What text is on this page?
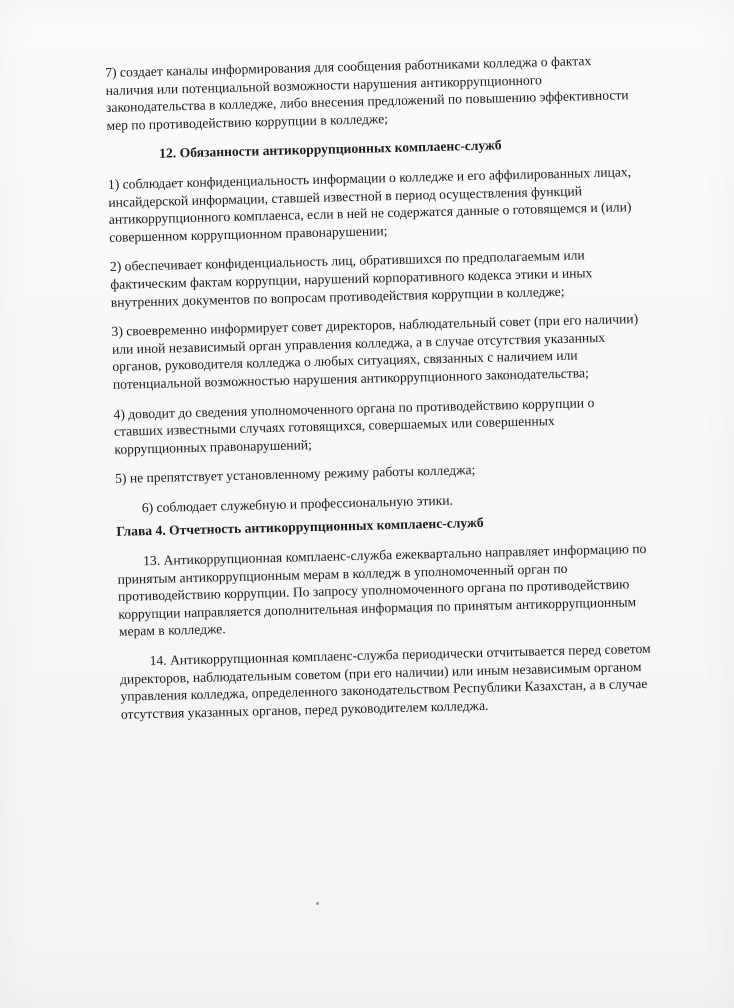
7) создает каналы информирования для сообщения работниками колледжа о фактах
наличия или потенциальной возможности нарушения антикоррупционного
законодательства в колледже, либо внесения предложений по повышению эффективности
мер по противодействию коррупции в колледже;

12. Обязанности антикоррупционных комплаенс-служб

1) соблюдает конфиденциальность информации о колледже и его аффилированных лицах,
инсайдерской информации, ставшей известной в период осуществления функций
антикоррупционного комплаенса, если в ней не содержатся данные о готовящемся и (или)
совершенном коррупционном правонарушении;

2) обеспечивает конфиденциальность лиц, обратившихся по предполагаемым или
фактическим фактам коррупции, нарушений корпоративного кодекса этики и иных
внутренних документов по вопросам противодействия коррупции в колледже;

3) своевременно информирует совет директоров, наблюдательный совет (при его наличии)
или иной независимый орган управления колледжа, а в случае отсутствия указанных
органов, руководителя колледжа о любых ситуациях, связанных с наличием или
потенциальной возможностью нарушения антикоррупционного законодательства;

4) доводит до сведения уполномоченного органа по противодействию коррупции о
ставших известными случаях готовящихся, совершаемых или совершенных
коррупционных правонарушений;

5) не препятствует установленному режиму работы колледжа;

6) соблюдает служебную и профессиональную этики.

Глава 4. Отчетность антикоррупционных комплаенс-служб

13. Антикоррупционная комплаенс-служба ежеквартально направляет информацию по
принятым антикоррупционным мерам в колледж в уполномоченный орган по
противодействию коррупции. По запросу уполномоченного органа по противодействию
коррупции направляется дополнительная информация по принятым антикоррупционным
мерам в колледже.

14. Антикоррупционная комплаенс-служба периодически отчитывается перед советом
директоров, наблюдательным советом (при его наличии) или иным независимым органом
управления колледжа, определенного законодательством Республики Казахстан, а в случае
отсутствия указанных органов, перед руководителем колледжа.
